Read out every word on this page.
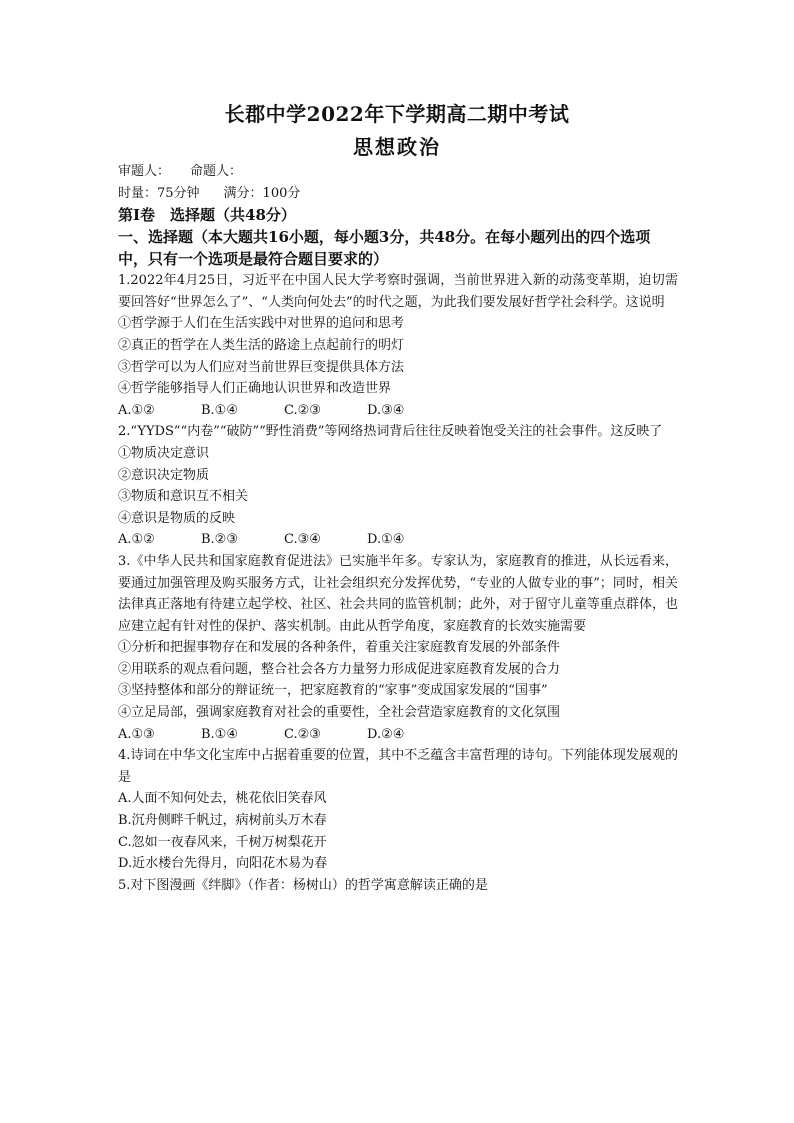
长郡中学2022年下学期高二期中考试
思想政治
审题人： 命题人：
时量：75分钟 满分：100分
第Ⅰ卷　选择题（共48分）
一、选择题（本大题共16小题，每小题3分，共48分。在每小题列出的四个选项中，只有一个选项是最符合题目要求的）
1.2022年4月25日，习近平在中国人民大学考察时强调，当前世界进入新的动荡变革期，迫切需要回答好“世界怎么了”、“人类向何处去”的时代之题，为此我们要发展好哲学社会科学。这说明
①哲学源于人们在生活实践中对世界的追问和思考
②真正的哲学在人类生活的路途上点起前行的明灯
③哲学可以为人们应对当前世界巨变提供具体方法
④哲学能够指导人们正确地认识世界和改造世界
A.①②	B.①④	C.②③	D.③④
2.“YYDS”“内卷”“破防”“野性消费”等网络热词背后往往反映着饱受关注的社会事件。这反映了
①物质决定意识
②意识决定物质
③物质和意识互不相关
④意识是物质的反映
A.①②	B.②③	C.③④	D.①④
3.《中华人民共和国家庭教育促进法》已实施半年多。专家认为，家庭教育的推进，从长远看来，要通过加强管理及购买服务方式，让社会组织充分发挥优势，“专业的人做专业的事”；同时，相关法律真正落地有待建立起学校、社区、社会共同的监管机制；此外，对于留守儿童等重点群体，也应建立起有针对性的保护、落实机制。由此从哲学角度，家庭教育的长效实施需要
①分析和把握事物存在和发展的各种条件，着重关注家庭教育发展的外部条件
②用联系的观点看问题，整合社会各方力量努力形成促进家庭教育发展的合力
③坚持整体和部分的辩证统一，把家庭教育的“家事”变成国家发展的“国事”
④立足局部，强调家庭教育对社会的重要性，全社会营造家庭教育的文化氛围
A.①③	B.①④	C.②③	D.②④
4.诗词在中华文化宝库中占据着重要的位置，其中不乏蕴含丰富哲理的诗句。下列能体现发展观的是
A.人面不知何处去，桃花依旧笑春风
B.沉舟侧畔千帆过，病树前头万木春
C.忽如一夜春风来，千树万树梨花开
D.近水楼台先得月，向阳花木易为春
5.对下图漫画《绊脚》（作者：杨树山）的哲学寓意解读正确的是
